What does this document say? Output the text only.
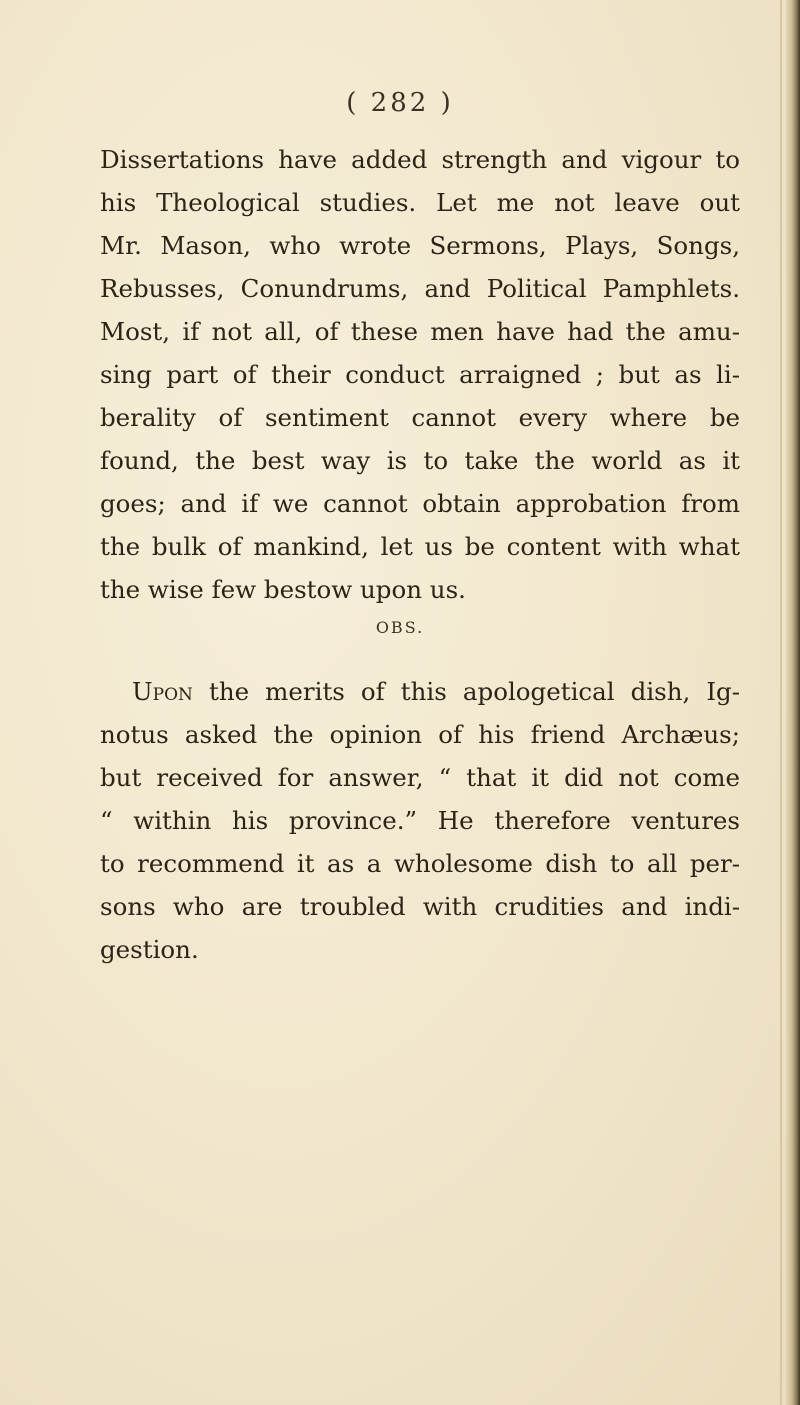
( 282 )
Dissertations have added strength and vigour to
his Theological studies. Let me not leave out
Mr. Mason, who wrote Sermons, Plays, Songs,
Rebusses, Conundrums, and Political Pamphlets.
Most, if not all, of these men have had the amu-
sing part of their conduct arraigned ; but as li-
berality of sentiment cannot every where be
found, the best way is to take the world as it
goes; and if we cannot obtain approbation from
the bulk of mankind, let us be content with what
the wise few bestow upon us.
OBS.
Upon the merits of this apologetical dish, Ig-
notus asked the opinion of his friend Archæus;
but received for answer, “ that it did not come
“ within his province.” He therefore ventures
to recommend it as a wholesome dish to all per-
sons who are troubled with crudities and indi-
gestion.
